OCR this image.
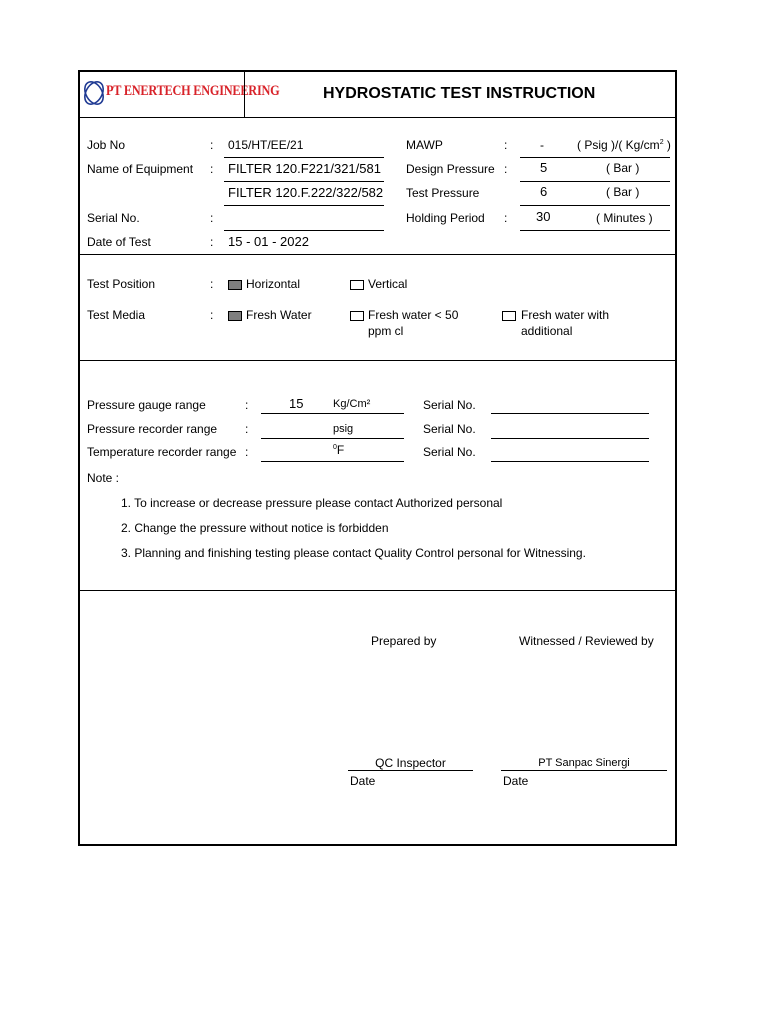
PT ENERTECH ENGINEERING	HYDROSTATIC TEST INSTRUCTION
Job No	: 015/HT/EE/21
Name of Equipment : FILTER 120.F221/321/581
FILTER 120.F.222/322/582
Serial No.	:
Date of Test	: 15 - 01 - 2022
MAWP	:	-	( Psig )/( $Kg/cm^2$ )
Design Pressure :	5	( Bar )
Test Pressure	6	( Bar )
Holding Period : 30	( Minutes )
Test Position	:	Horizontal	Vertical
Test Media	:	Fresh Water	Fresh water < 50
ppm cl
Fresh water with
additional
Pressure gauge range	:	15	Kg/Cm²	Serial No.
Pressure recorder range :	psig	Serial No.
Temperature recorder range :	$^0$F	Serial No.
Note :
1. To increase or decrease pressure please contact Authorized personal
2. Change the pressure without notice is forbidden
3. Planning and finishing testing please contact Quality Control personal for Witnessing.
Prepared by	Witnessed / Reviewed by
QC Inspector
Date
PT Sanpac Sinergi
Date
